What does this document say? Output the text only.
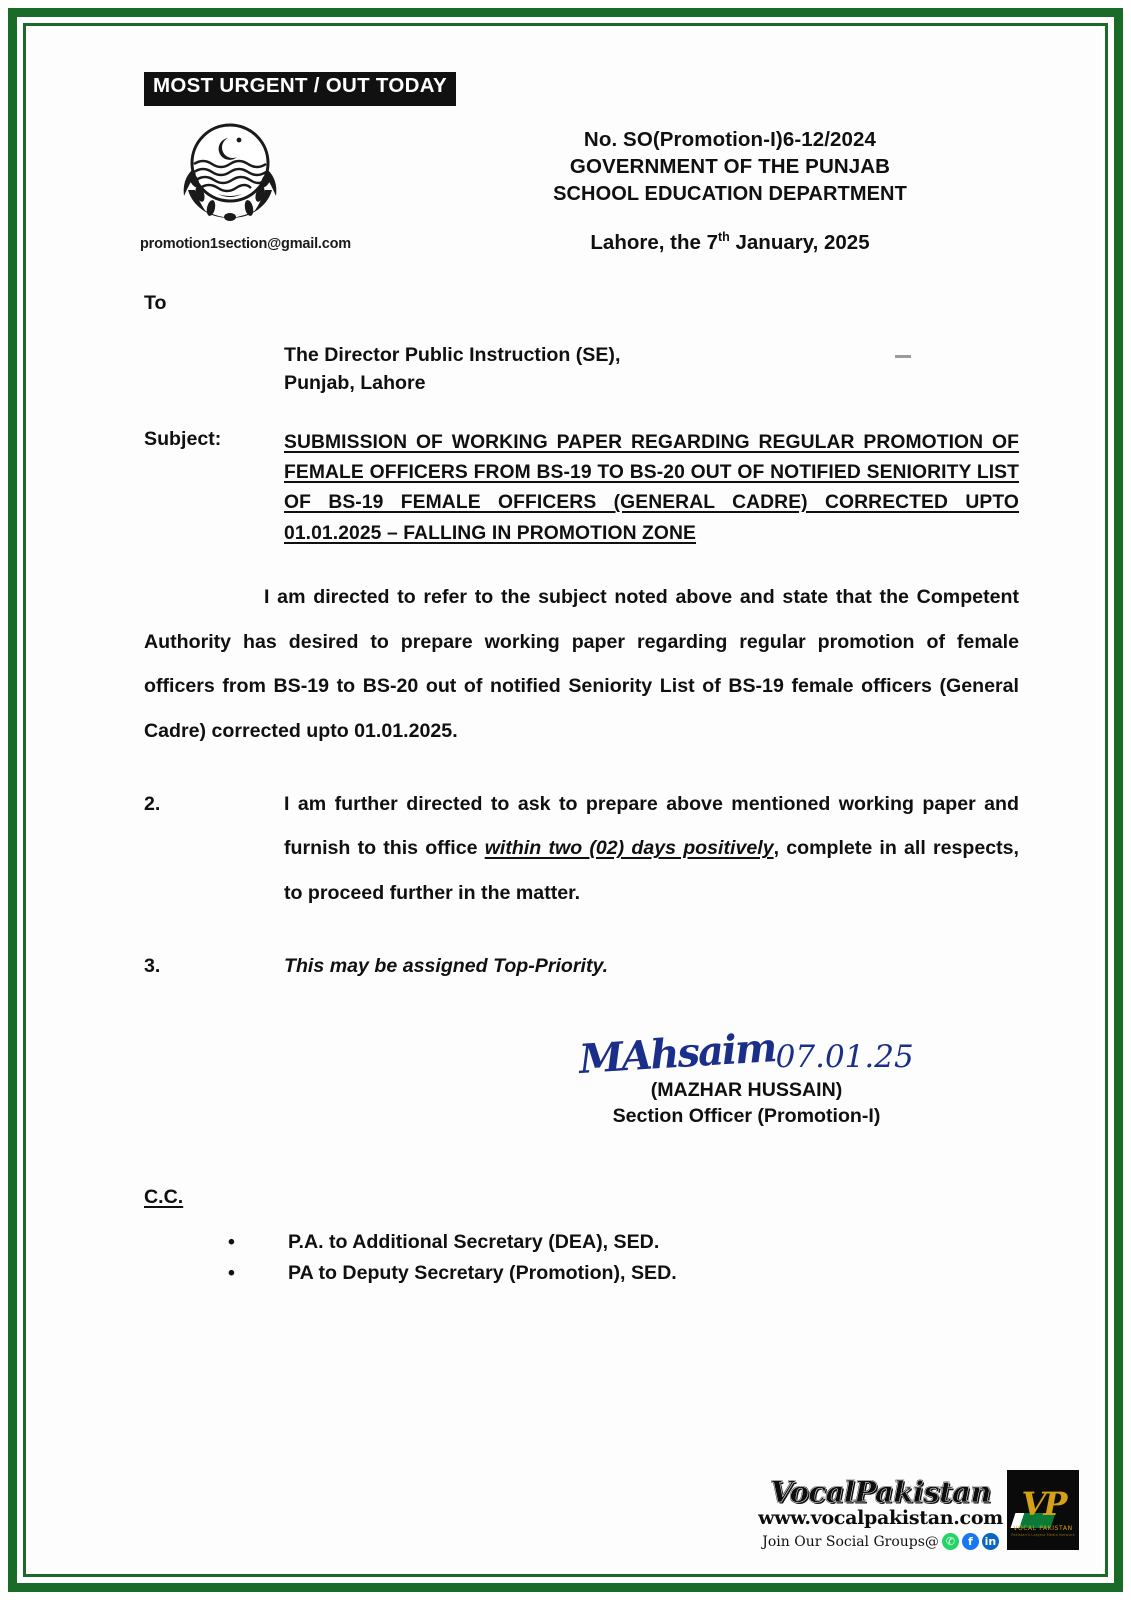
MOST URGENT / OUT TODAY
promotion1section@gmail.com
No. SO(Promotion-I)6-12/2024
GOVERNMENT OF THE PUNJAB
SCHOOL EDUCATION DEPARTMENT
Lahore, the 7th January, 2025
To
The Director Public Instruction (SE),
Punjab, Lahore
Subject:	SUBMISSION OF WORKING PAPER REGARDING REGULAR PROMOTION OF FEMALE OFFICERS FROM BS-19 TO BS-20 OUT OF NOTIFIED SENIORITY LIST OF BS-19 FEMALE OFFICERS (GENERAL CADRE) CORRECTED UPTO 01.01.2025 – FALLING IN PROMOTION ZONE
I am directed to refer to the subject noted above and state that the Competent Authority has desired to prepare working paper regarding regular promotion of female officers from BS-19 to BS-20 out of notified Seniority List of BS-19 female officers (General Cadre) corrected upto 01.01.2025.
2.	I am further directed to ask to prepare above mentioned working paper and furnish to this office within two (02) days positively, complete in all respects, to proceed further in the matter.
3.	This may be assigned Top-Priority.
MAhsaim07.01.25
(MAZHAR HUSSAIN)
Section Officer (Promotion-I)
C.C.
•	P.A. to Additional Secretary (DEA), SED.
•	PA to Deputy Secretary (Promotion), SED.
VocalPakistan
www.vocalpakistan.com
Join Our Social Groups@ ✆	f	in
VP
VOCAL PAKISTAN
Pakistan's Largest Media Network
